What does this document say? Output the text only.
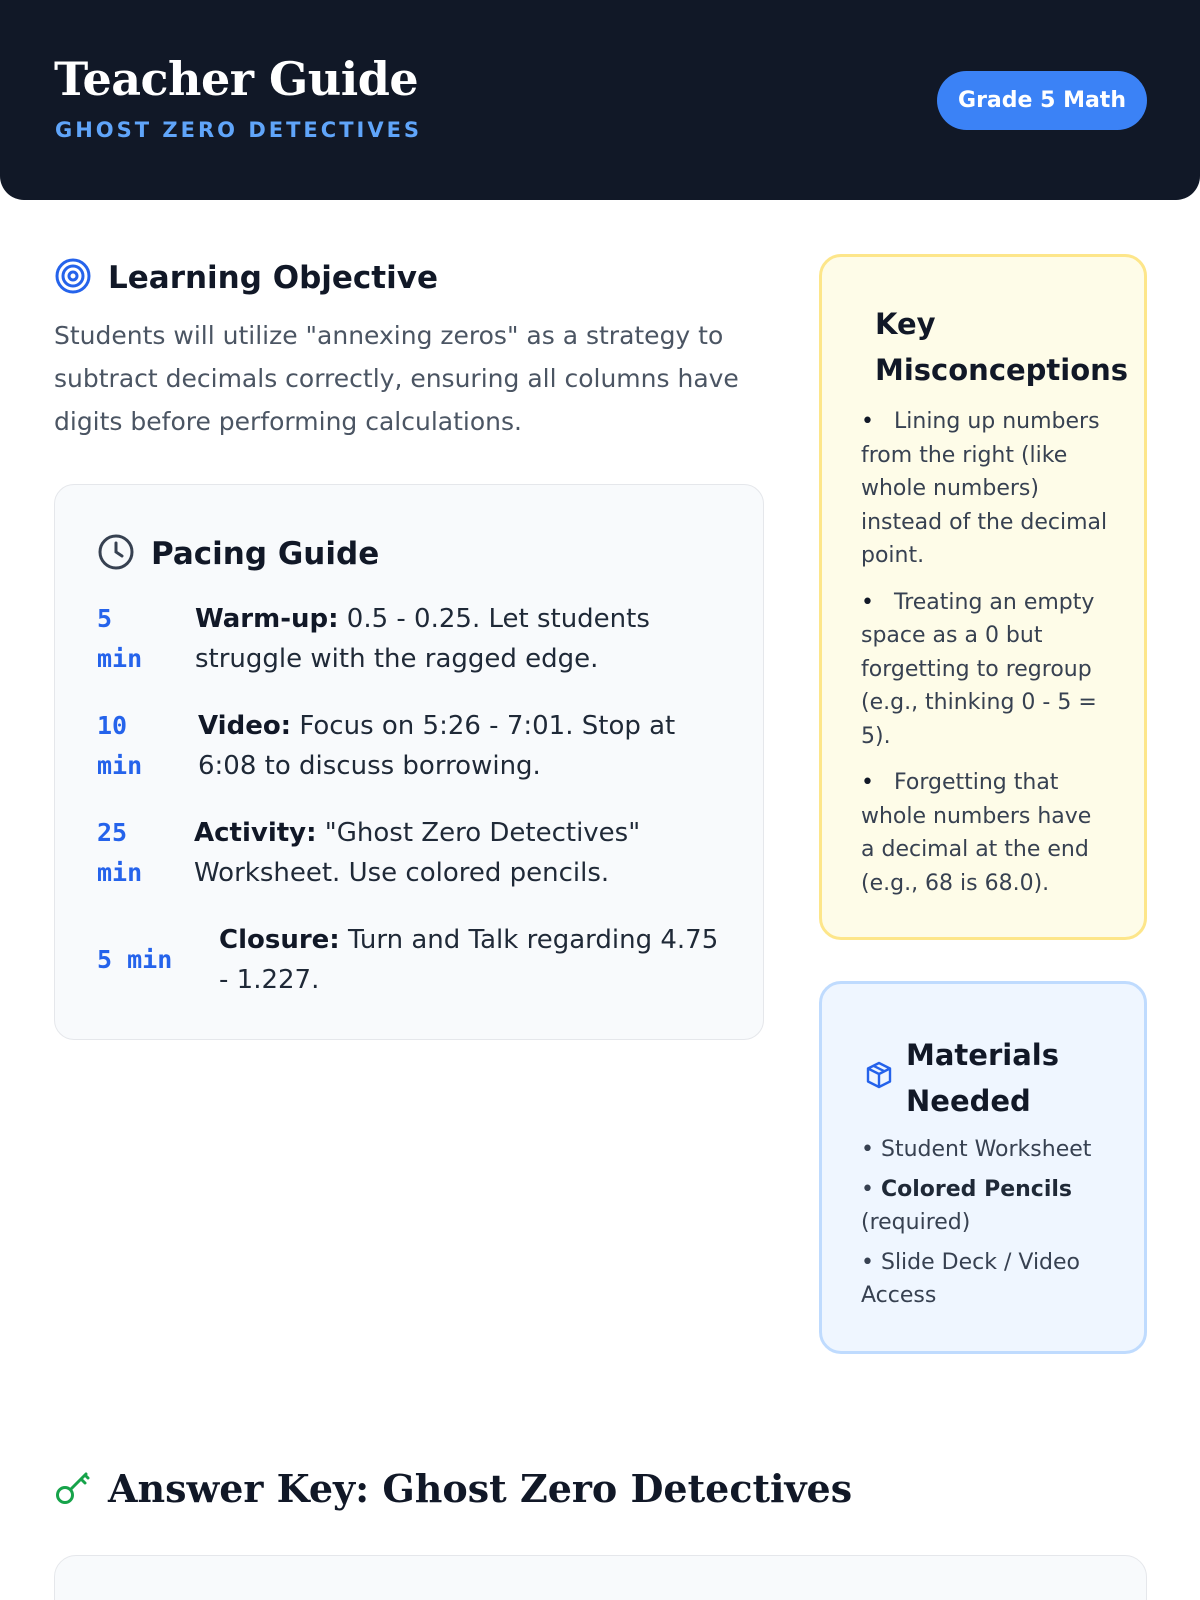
Teacher Guide
GHOST ZERO DETECTIVES
Grade 5 Math
Learning Objective
Students will utilize "annexing zeros" as a strategy to subtract decimals correctly, ensuring all columns have digits before performing calculations.
Pacing Guide
5 min
Warm-up: 0.5 - 0.25. Let students struggle with the ragged edge.
10 min
Video: Focus on 5:26 - 7:01. Stop at 6:08 to discuss borrowing.
25 min
Activity: "Ghost Zero Detectives" Worksheet. Use colored pencils.
5 min
Closure: Turn and Talk regarding 4.75 - 1.227.
Key Misconceptions
•Lining up numbers from the right (like whole numbers) instead of the decimal point.
•Treating an empty space as a 0 but forgetting to regroup (e.g., thinking 0 - 5 = 5).
•Forgetting that whole numbers have a decimal at the end (e.g., 68 is 68.0).
Materials Needed
• Student Worksheet
• Colored Pencils (required)
• Slide Deck / Video Access
Answer Key: Ghost Zero Detectives
